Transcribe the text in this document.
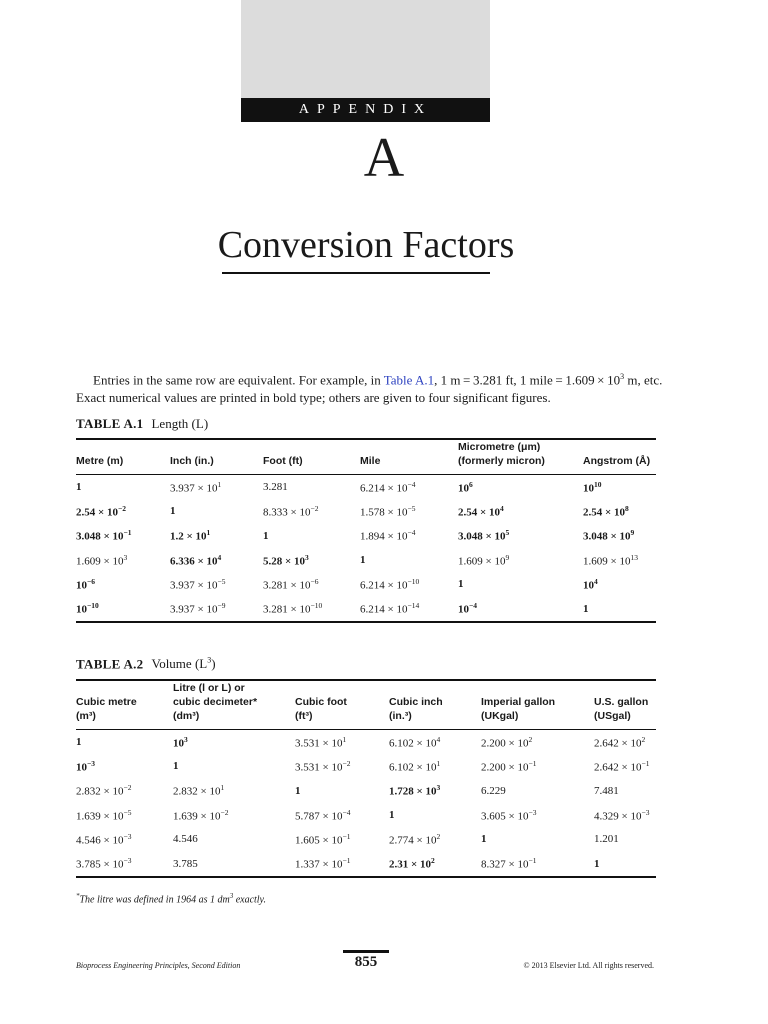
APPENDIX
A
Conversion Factors

Entries in the same row are equivalent. For example, in Table A.1, 1 m = 3.281 ft, 1 mile = $1.609 \times 10^3$ m, etc. Exact numerical values are printed in bold type; others are given to four significant figures.

TABLE A.1 Length (L)
Metre (m)	Inch (in.)	Foot (ft)	Mile	Micrometre (μm)
(formerly micron)	Angstrom (Å)
1	$3.937 \times 10^1$	3.281	$6.214 \times 10^{-4}$	$10^6$	$10^{10}$
$2.54 \times 10^{-2}$	1	$8.333 \times 10^{-2}$	$1.578 \times 10^{-5}$	$2.54 \times 10^4$	$2.54 \times 10^8$
$3.048 \times 10^{-1}$	$1.2 \times 10^1$	1	$1.894 \times 10^{-4}$	$3.048 \times 10^5$	$3.048 \times 10^9$
$1.609 \times 10^3$	$6.336 \times 10^4$	$5.28 \times 10^3$	1	$1.609 \times 10^9$	$1.609 \times 10^{13}$
$10^{-6}$	$3.937 \times 10^{-5}$	$3.281 \times 10^{-6}$	$6.214 \times 10^{-10}$	1	$10^4$
$10^{-10}$	$3.937 \times 10^{-9}$	$3.281 \times 10^{-10}$	$6.214 \times 10^{-14}$	$10^{-4}$	1
TABLE A.2 Volume $(L^3)$
Cubic metre
(m³)	Litre (l or L) or
cubic decimeter*
(dm³)	Cubic foot
(ft³)	Cubic inch
(in.³)	Imperial gallon
(UKgal)	U.S. gallon
(USgal)
1	$10^3$	$3.531 \times 10^1$	$6.102 \times 10^4$	$2.200 \times 10^2$	$2.642 \times 10^2$
$10^{-3}$	1	$3.531 \times 10^{-2}$	$6.102 \times 10^1$	$2.200 \times 10^{-1}$	$2.642 \times 10^{-1}$
$2.832 \times 10^{-2}$	$2.832 \times 10^1$	1	$1.728 \times 10^3$	6.229	7.481
$1.639 \times 10^{-5}$	$1.639 \times 10^{-2}$	$5.787 \times 10^{-4}$	1	$3.605 \times 10^{-3}$	$4.329 \times 10^{-3}$
$4.546 \times 10^{-3}$	4.546	$1.605 \times 10^{-1}$	$2.774 \times 10^2$	1	1.201
$3.785 \times 10^{-3}$	3.785	$1.337 \times 10^{-1}$	$2.31 \times 10^2$	$8.327 \times 10^{-1}$	1
*The litre was defined in 1964 as 1 $dm^3$ exactly.
855
Bioprocess Engineering Principles, Second Edition	© 2013 Elsevier Ltd. All rights reserved.
